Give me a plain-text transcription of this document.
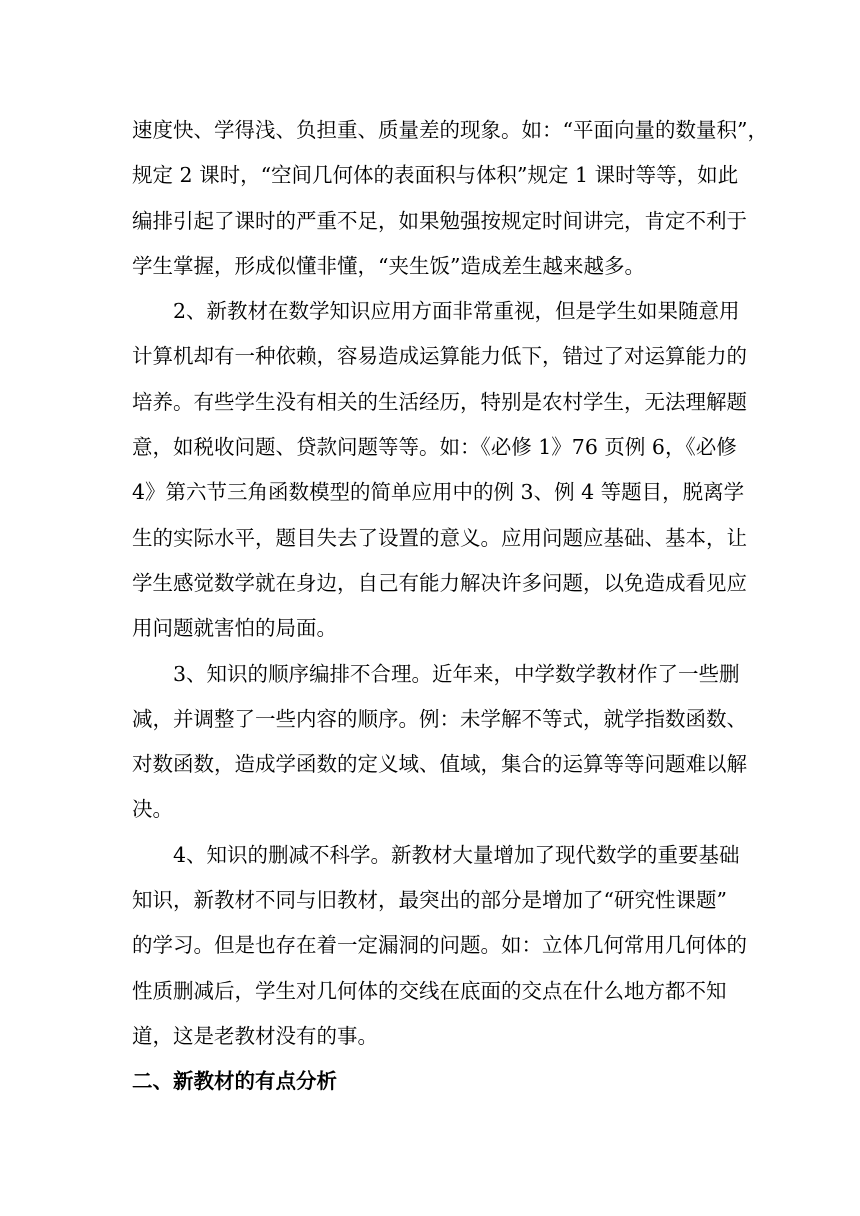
速度快、学得浅、负担重、质量差的现象。如：“平面向量的数量积”，
规定 2 课时，“空间几何体的表面积与体积”规定 1 课时等等，如此
编排引起了课时的严重不足，如果勉强按规定时间讲完，肯定不利于
学生掌握，形成似懂非懂，“夹生饭”造成差生越来越多。
2、新教材在数学知识应用方面非常重视，但是学生如果随意用
计算机却有一种依赖，容易造成运算能力低下，错过了对运算能力的
培养。有些学生没有相关的生活经历，特别是农村学生，无法理解题
意，如税收问题、贷款问题等等。如：《必修 1》76 页例 6，《必修
4》第六节三角函数模型的简单应用中的例 3、例 4 等题目，脱离学
生的实际水平，题目失去了设置的意义。应用问题应基础、基本，让
学生感觉数学就在身边，自己有能力解决许多问题，以免造成看见应
用问题就害怕的局面。
3、知识的顺序编排不合理。近年来，中学数学教材作了一些删
减，并调整了一些内容的顺序。例：未学解不等式，就学指数函数、
对数函数，造成学函数的定义域、值域，集合的运算等等问题难以解
决。
4、知识的删减不科学。新教材大量增加了现代数学的重要基础
知识，新教材不同与旧教材，最突出的部分是增加了“研究性课题”
的学习。但是也存在着一定漏洞的问题。如：立体几何常用几何体的
性质删减后，学生对几何体的交线在底面的交点在什么地方都不知
道，这是老教材没有的事。
二、新教材的有点分析
